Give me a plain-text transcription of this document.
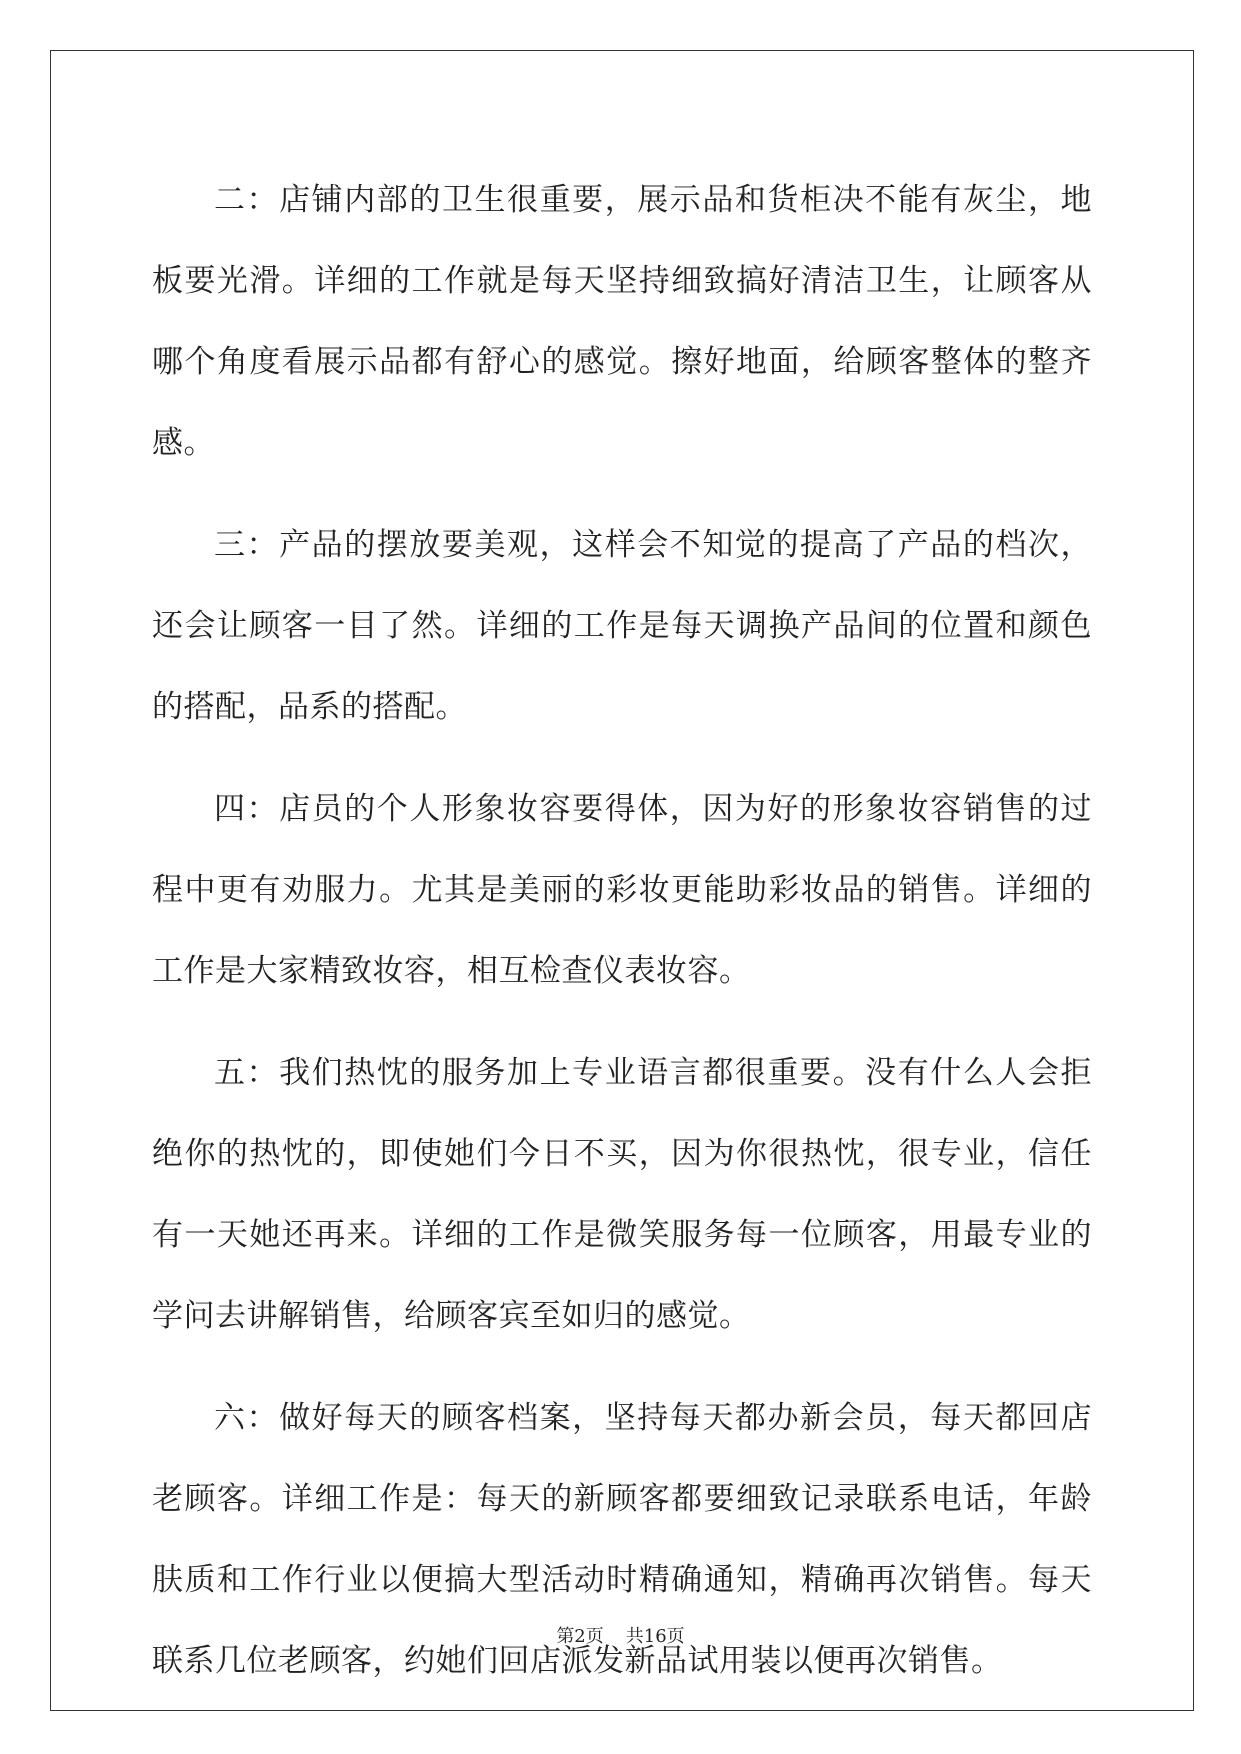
二：店铺内部的卫生很重要，展示品和货柜决不能有灰尘，地板要光滑。详细的工作就是每天坚持细致搞好清洁卫生，让顾客从哪个角度看展示品都有舒心的感觉。擦好地面，给顾客整体的整齐感。

三：产品的摆放要美观，这样会不知觉的提高了产品的档次，还会让顾客一目了然。详细的工作是每天调换产品间的位置和颜色的搭配，品系的搭配。

四：店员的个人形象妆容要得体，因为好的形象妆容销售的过程中更有劝服力。尤其是美丽的彩妆更能助彩妆品的销售。详细的工作是大家精致妆容，相互检查仪表妆容。

五：我们热忱的服务加上专业语言都很重要。没有什么人会拒绝你的热忱的，即使她们今日不买，因为你很热忱，很专业，信任有一天她还再来。详细的工作是微笑服务每一位顾客，用最专业的学问去讲解销售，给顾客宾至如归的感觉。

六：做好每天的顾客档案，坚持每天都办新会员，每天都回店老顾客。详细工作是：每天的新顾客都要细致记录联系电话，年龄肤质和工作行业以便搞大型活动时精确通知，精确再次销售。每天联系几位老顾客，约她们回店派发新品试用装以便再次销售。

第2页 共16页
